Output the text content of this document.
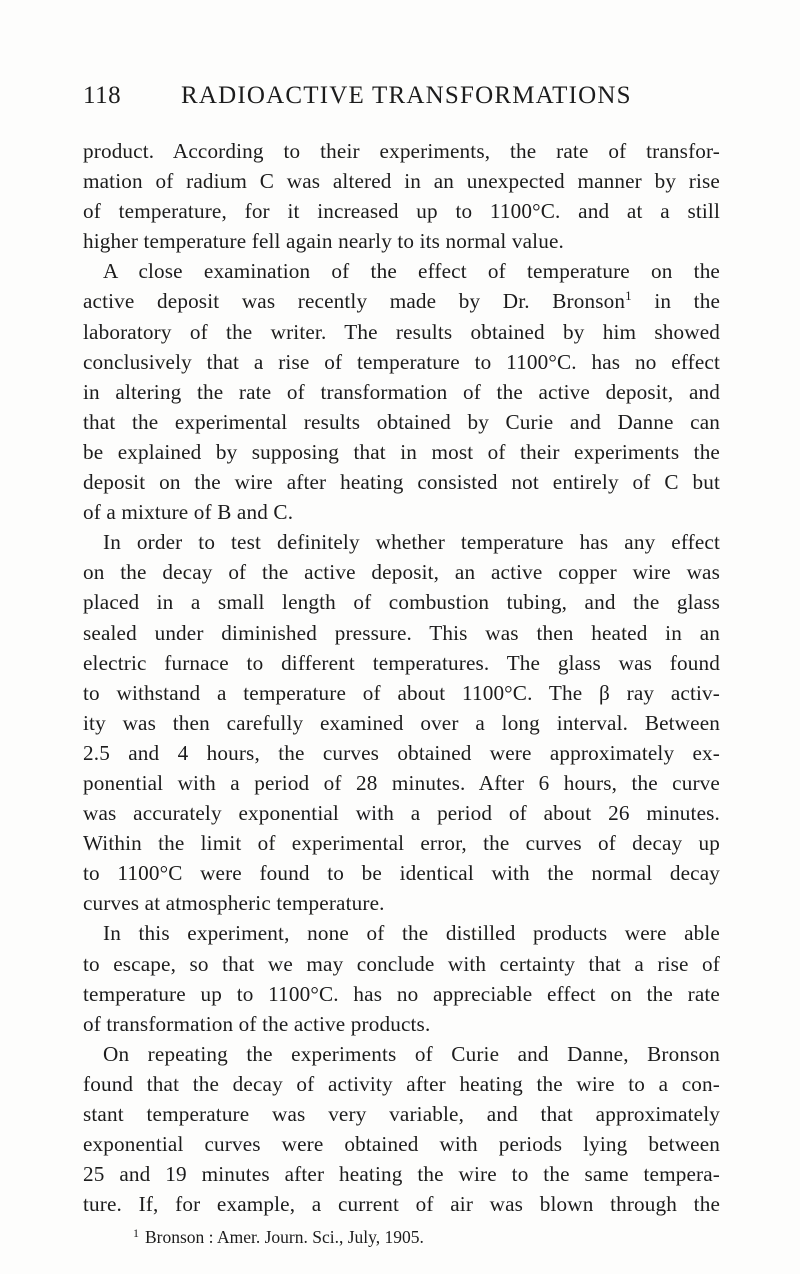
118 RADIOACTIVE TRANSFORMATIONS
product. According to their experiments, the rate of transfor-
mation of radium C was altered in an unexpected manner by rise
of temperature, for it increased up to 1100°C. and at a still
higher temperature fell again nearly to its normal value.
A close examination of the effect of temperature on the
active deposit was recently made by Dr. Bronson$^1$ in the
laboratory of the writer. The results obtained by him showed
conclusively that a rise of temperature to 1100°C. has no effect
in altering the rate of transformation of the active deposit, and
that the experimental results obtained by Curie and Danne can
be explained by supposing that in most of their experiments the
deposit on the wire after heating consisted not entirely of C but
of a mixture of B and C.
In order to test definitely whether temperature has any effect
on the decay of the active deposit, an active copper wire was
placed in a small length of combustion tubing, and the glass
sealed under diminished pressure. This was then heated in an
electric furnace to different temperatures. The glass was found
to withstand a temperature of about 1100°C. The β ray activ-
ity was then carefully examined over a long interval. Between
2.5 and 4 hours, the curves obtained were approximately ex-
ponential with a period of 28 minutes. After 6 hours, the curve
was accurately exponential with a period of about 26 minutes.
Within the limit of experimental error, the curves of decay up
to 1100°C were found to be identical with the normal decay
curves at atmospheric temperature.
In this experiment, none of the distilled products were able
to escape, so that we may conclude with certainty that a rise of
temperature up to 1100°C. has no appreciable effect on the rate
of transformation of the active products.
On repeating the experiments of Curie and Danne, Bronson
found that the decay of activity after heating the wire to a con-
stant temperature was very variable, and that approximately
exponential curves were obtained with periods lying between
25 and 19 minutes after heating the wire to the same tempera-
ture. If, for example, a current of air was blown through the
$^1$ Bronson : Amer. Journ. Sci., July, 1905.
